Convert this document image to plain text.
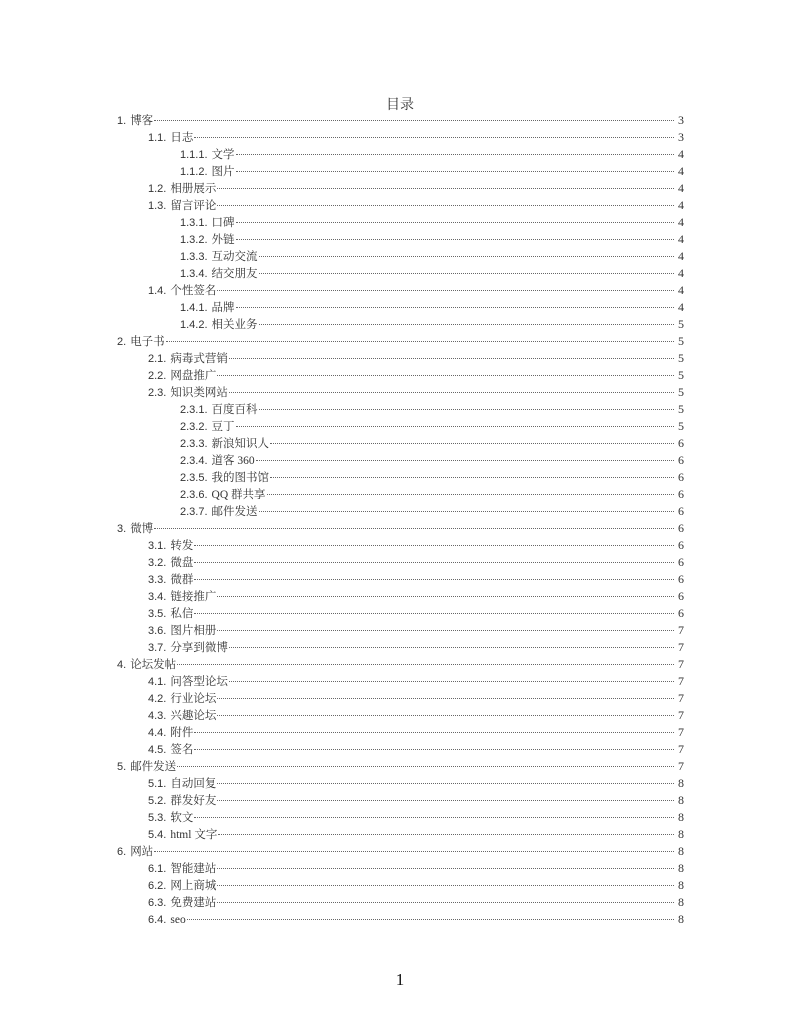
目录
1. 博客	3
1.1. 日志	3
1.1.1. 文学	4
1.1.2. 图片	4
1.2. 相册展示	4
1.3. 留言评论	4
1.3.1. 口碑	4
1.3.2. 外链	4
1.3.3. 互动交流	4
1.3.4. 结交朋友	4
1.4. 个性签名	4
1.4.1. 品牌	4
1.4.2. 相关业务	5
2. 电子书	5
2.1. 病毒式营销	5
2.2. 网盘推广	5
2.3. 知识类网站	5
2.3.1. 百度百科	5
2.3.2. 豆丁	5
2.3.3. 新浪知识人	6
2.3.4. 道客 360	6
2.3.5. 我的图书馆	6
2.3.6. QQ 群共享	6
2.3.7. 邮件发送	6
3. 微博	6
3.1. 转发	6
3.2. 微盘	6
3.3. 微群	6
3.4. 链接推广	6
3.5. 私信	6
3.6. 图片相册	7
3.7. 分享到微博	7
4. 论坛发帖	7
4.1. 问答型论坛	7
4.2. 行业论坛	7
4.3. 兴趣论坛	7
4.4. 附件	7
4.5. 签名	7
5. 邮件发送	7
5.1. 自动回复	8
5.2. 群发好友	8
5.3. 软文	8
5.4. html 文字	8
6. 网站	8
6.1. 智能建站	8
6.2. 网上商城	8
6.3. 免费建站	8
6.4. seo	8
1
